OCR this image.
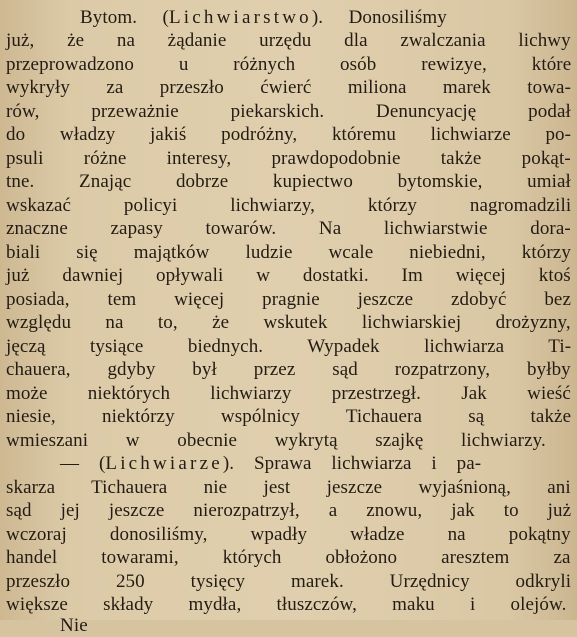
Bytom. (Lichwiarstwo). Donosiliśmy
już, że na żądanie urzędu dla zwalczania lichwy
przeprowadzono u różnych osób rewizye, które
wykryły za przeszło ćwierć miliona marek towa-
rów, przeważnie piekarskich. Denuncyację podał
do władzy jakiś podróżny, któremu lichwiarze po-
psuli różne interesy, prawdopodobnie także pokąt-
tne. Znając dobrze kupiectwo bytomskie, umiał
wskazać policyi lichwiarzy, którzy nagromadzili
znaczne zapasy towarów. Na lichwiarstwie dora-
biali się majątków ludzie wcale niebiedni, którzy
już dawniej opływali w dostatki. Im więcej ktoś
posiada, tem więcej pragnie jeszcze zdobyć bez
względu na to, że wskutek lichwiarskiej drożyzny,
jęczą tysiące biednych. Wypadek lichwiarza Ti-
chauera, gdyby był przez sąd rozpatrzony, byłby
może niektórych lichwiarzy przestrzegł. Jak wieść
niesie, niektórzy wspólnicy Tichauera są także
wmieszani w obecnie wykrytą szajkę lichwiarzy.
— (Lichwiarze). Sprawa lichwiarza i pa-
skarza Tichauera nie jest jeszcze wyjaśnioną, ani
sąd jej jeszcze nierozpatrzył, a znowu, jak to już
wczoraj donosiliśmy, wpadły władze na pokątny
handel towarami, których obłożono aresztem za
przeszło 250 tysięcy marek. Urzędnicy odkryli
większe składy mydła, tłuszczów, maku i olejów.
Nie
